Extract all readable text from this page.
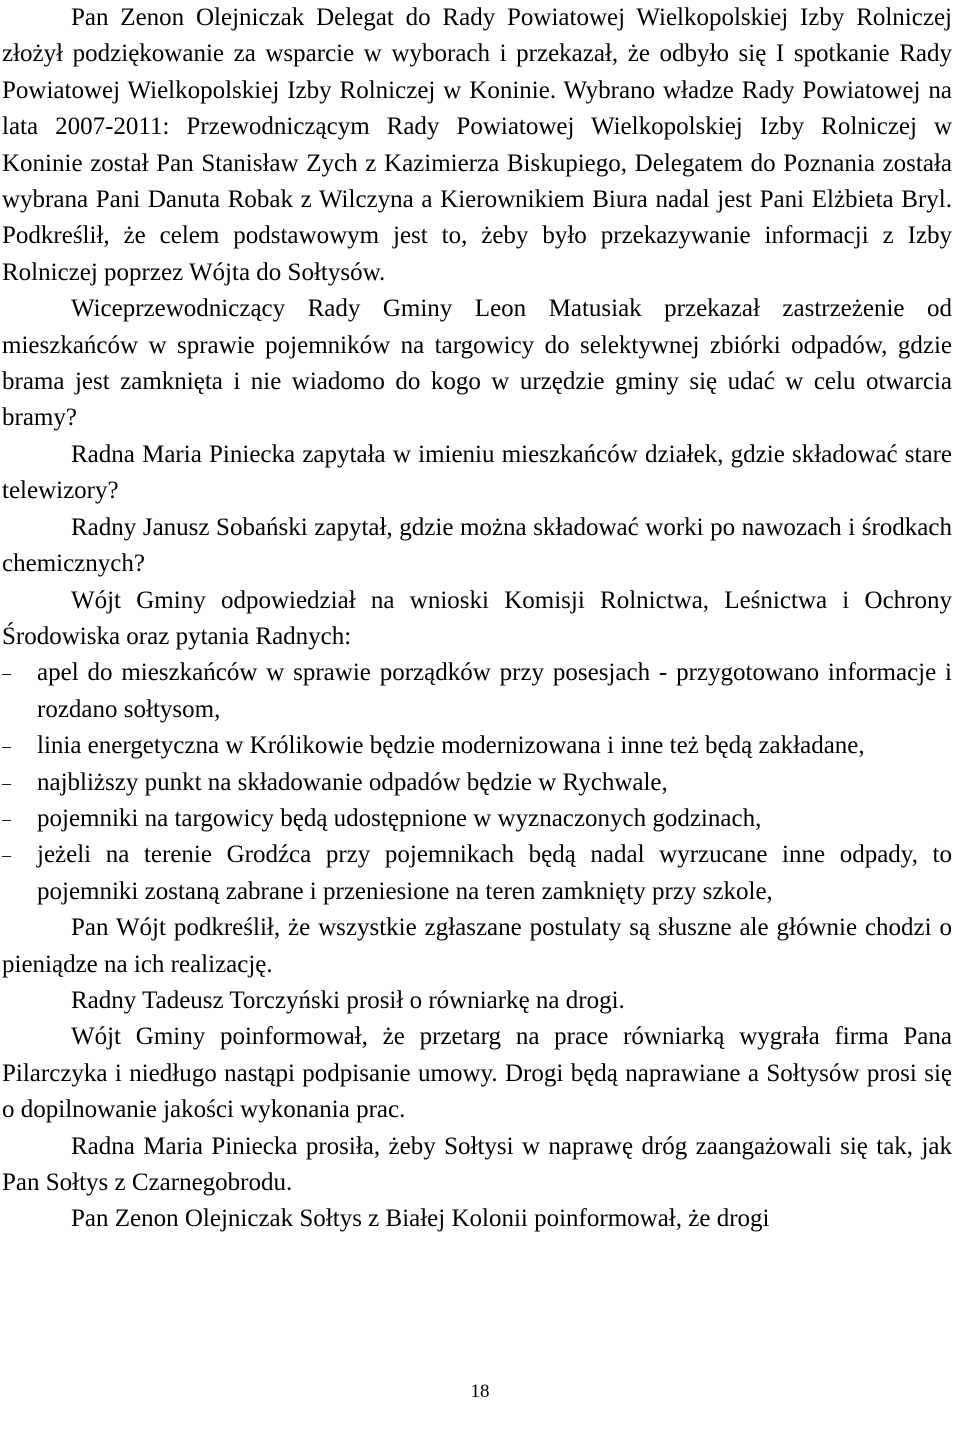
Pan Zenon Olejniczak Delegat do Rady Powiatowej Wielkopolskiej Izby Rolniczej złożył podziękowanie za wsparcie w wyborach i przekazał, że odbyło się I spotkanie Rady Powiatowej Wielkopolskiej Izby Rolniczej w Koninie. Wybrano władze Rady Powiatowej na lata 2007-2011: Przewodniczącym Rady Powiatowej Wielkopolskiej Izby Rolniczej w Koninie został Pan Stanisław Zych z Kazimierza Biskupiego, Delegatem do Poznania została wybrana Pani Danuta Robak z Wilczyna a Kierownikiem Biura nadal jest Pani Elżbieta Bryl. Podkreślił, że celem podstawowym jest to, żeby było przekazywanie informacji z Izby Rolniczej poprzez Wójta do Sołtysów.

Wiceprzewodniczący Rady Gminy Leon Matusiak przekazał zastrzeżenie od mieszkańców w sprawie pojemników na targowicy do selektywnej zbiórki odpadów, gdzie brama jest zamknięta i nie wiadomo do kogo w urzędzie gminy się udać w celu otwarcia bramy?

Radna Maria Piniecka zapytała w imieniu mieszkańców działek, gdzie składować stare telewizory?

Radny Janusz Sobański zapytał, gdzie można składować worki po nawozach i środkach chemicznych?

Wójt Gminy odpowiedział na wnioski Komisji Rolnictwa, Leśnictwa i Ochrony Środowiska oraz pytania Radnych:

–	apel do mieszkańców w sprawie porządków przy posesjach - przygotowano informacje i rozdano sołtysom,
–	linia energetyczna w Królikowie będzie modernizowana i inne też będą zakładane,
–	najbliższy punkt na składowanie odpadów będzie w Rychwale,
–	pojemniki na targowicy będą udostępnione w wyznaczonych godzinach,
–	jeżeli na terenie Grodźca przy pojemnikach będą nadal wyrzucane inne odpady, to pojemniki zostaną zabrane i przeniesione na teren zamknięty przy szkole,

Pan Wójt podkreślił, że wszystkie zgłaszane postulaty są słuszne ale głównie chodzi o pieniądze na ich realizację.

Radny Tadeusz Torczyński prosił o równiarkę na drogi.

Wójt Gminy poinformował, że przetarg na prace równiarką wygrała firma Pana Pilarczyka i niedługo nastąpi podpisanie umowy. Drogi będą naprawiane a Sołtysów prosi się o dopilnowanie jakości wykonania prac.

Radna Maria Piniecka prosiła, żeby Sołtysi w naprawę dróg zaangażowali się tak, jak Pan Sołtys z Czarnegobrodu.

Pan Zenon Olejniczak Sołtys z Białej Kolonii poinformował, że drogi

18
